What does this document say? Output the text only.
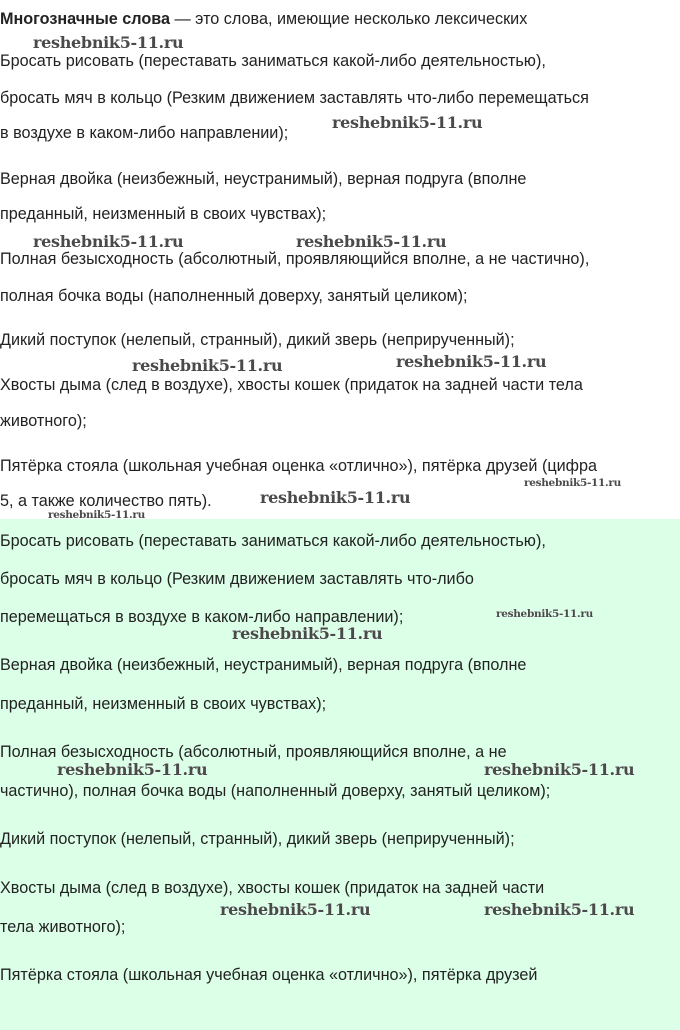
Многозначные слова — это слова, имеющие несколько лексических
Бросать рисовать (переставать заниматься какой-либо деятельностью),
бросать мяч в кольцо (Резким движением заставлять что-либо перемещаться
в воздухе в каком-либо направлении);
Верная двойка (неизбежный, неустранимый), верная подруга (вполне
преданный, неизменный в своих чувствах);
Полная безысходность (абсолютный, проявляющийся вполне, а не частично),
полная бочка воды (наполненный доверху, занятый целиком);
Дикий поступок (нелепый, странный), дикий зверь (неприрученный);
Хвосты дыма (след в воздухе), хвосты кошек (придаток на задней части тела
животного);
Пятёрка стояла (школьная учебная оценка «отлично»), пятёрка друзей (цифра
5, а также количество пять).
Бросать рисовать (переставать заниматься какой-либо деятельностью),
бросать мяч в кольцо (Резким движением заставлять что-либо
перемещаться в воздухе в каком-либо направлении);
Верная двойка (неизбежный, неустранимый), верная подруга (вполне
преданный, неизменный в своих чувствах);
Полная безысходность (абсолютный, проявляющийся вполне, а не
частично), полная бочка воды (наполненный доверху, занятый целиком);
Дикий поступок (нелепый, странный), дикий зверь (неприрученный);
Хвосты дыма (след в воздухе), хвосты кошек (придаток на задней части
тела животного);
Пятёрка стояла (школьная учебная оценка «отлично»), пятёрка друзей
reshebnik5-11.ru
reshebnik5-11.ru
reshebnik5-11.ru	reshebnik5-11.ru
reshebnik5-11.ru	reshebnik5-11.ru
reshebnik5-11.ru
reshebnik5-11.ru
reshebnik5-11.ru
reshebnik5-11.ru
reshebnik5-11.ru
reshebnik5-11.ru	reshebnik5-11.ru
reshebnik5-11.ru	reshebnik5-11.ru
